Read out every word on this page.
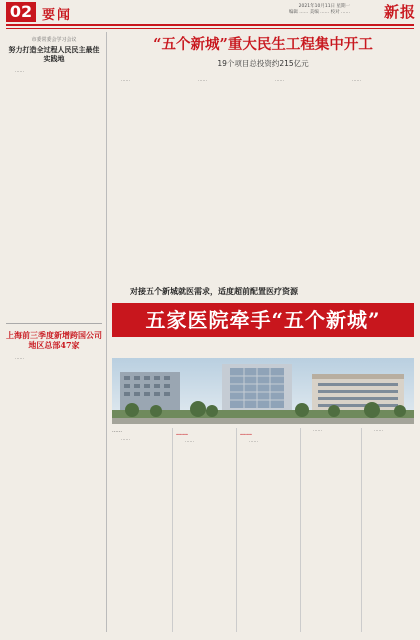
02 要闻
2021年10月11日 星期一
编辑 …… 美编 …… 校对 ……	新报
市委常委会学习会议
努力打造全过程人民民主最佳实践地
……
上海前三季度新增跨国公司地区总部47家
……
“五个新城”重大民生工程集中开工
19个项目总投资约215亿元

……	……	……	……

对接五个新城就医需求，适度超前配置医疗资源
五家医院牵手“五个新城”

……

……

……

……

……

……

……	……
